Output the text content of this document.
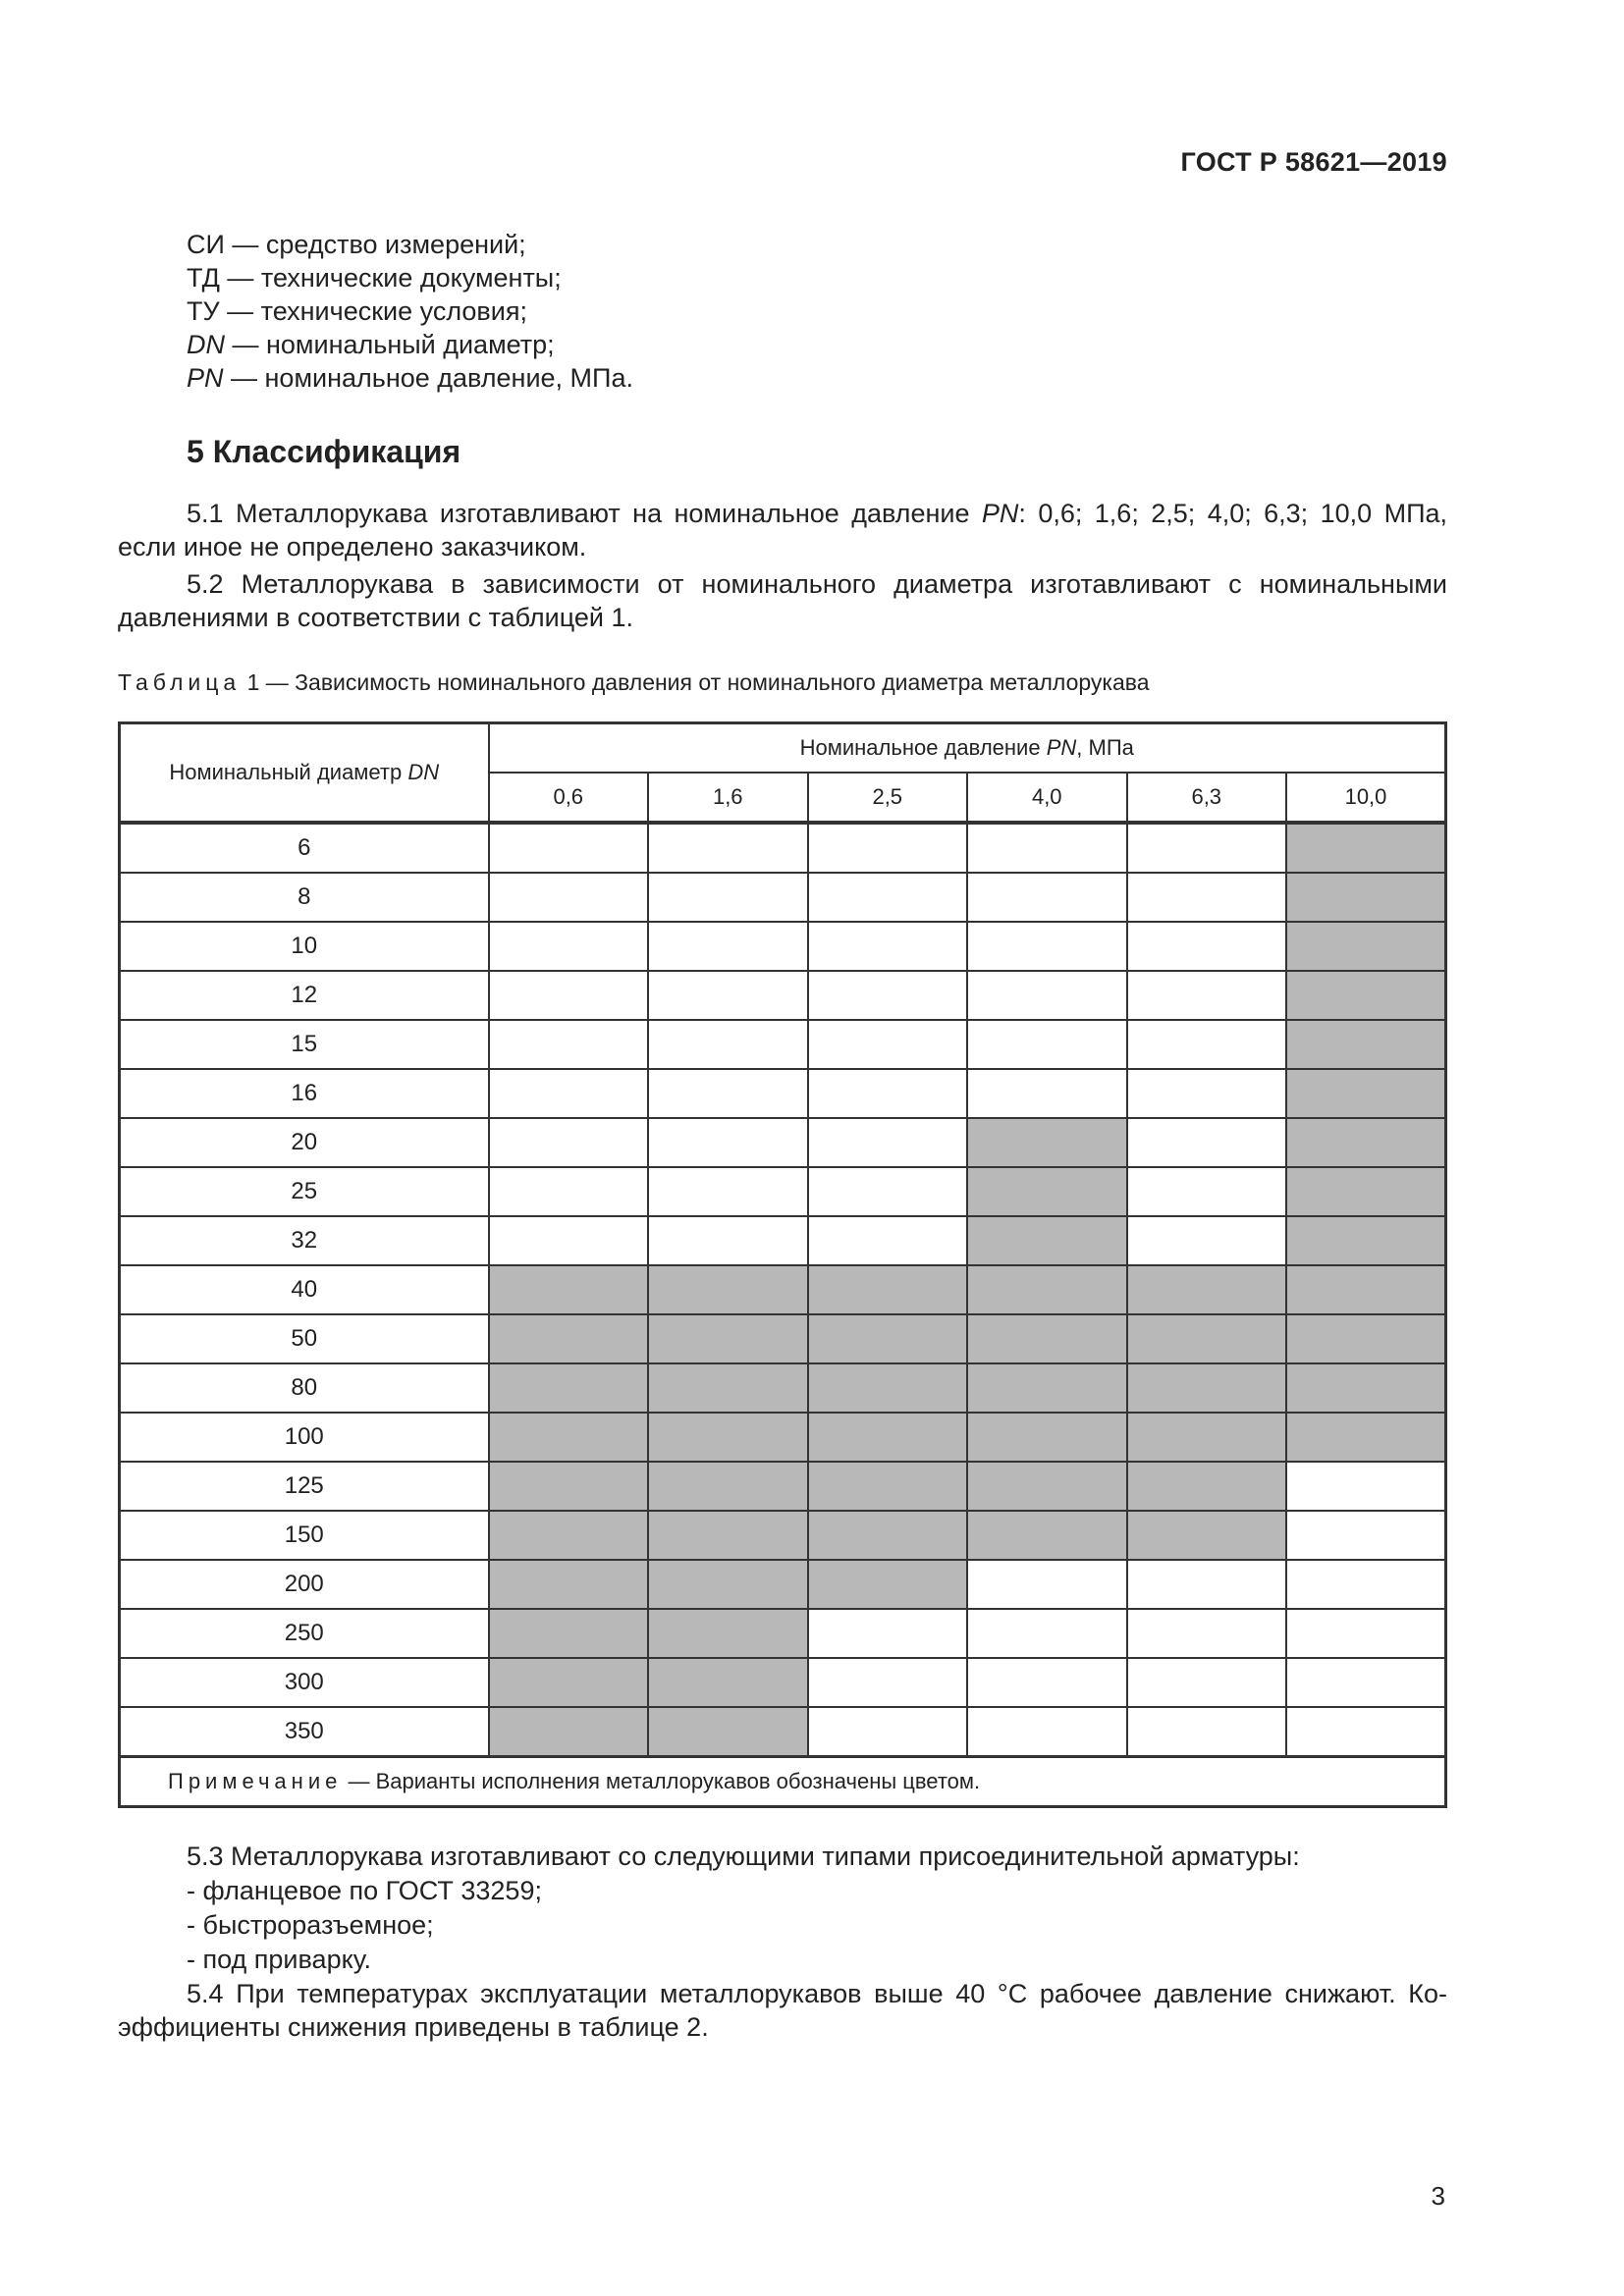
ГОСТ Р 58621—2019
СИ — средство измерений;
ТД — технические документы;
ТУ — технические условия;
DN — номинальный диаметр;
PN — номинальное давление, МПа.
5 Классификация
5.1 Металлорукава изготавливают на номинальное давление PN: 0,6; 1,6; 2,5; 4,0; 6,3; 10,0 МПа,
если иное не определено заказчиком.
5.2 Металлорукава в зависимости от номинального диаметра изготавливают с номинальными
давлениями в соответствии с таблицей 1.
Таблица 1 — Зависимость номинального давления от номинального диаметра металлорукава
Номинальный диаметр DN	Номинальное давление PN, МПа					
	0,6	1,6	2,5	4,0	6,3	10,0
6						
8						
10						
12						
15						
16						
20						
25						
32						
40						
50						
80						
100						
125						
150						
200						
250						
300						
350						
Примечание — Варианты исполнения металлорукавов обозначены цветом.						
5.3 Металлорукава изготавливают со следующими типами присоединительной арматуры:
- фланцевое по ГОСТ 33259;
- быстроразъемное;
- под приварку.
5.4 При температурах эксплуатации металлорукавов выше 40 °С рабочее давление снижают. Ко-
эффициенты снижения приведены в таблице 2.
3
